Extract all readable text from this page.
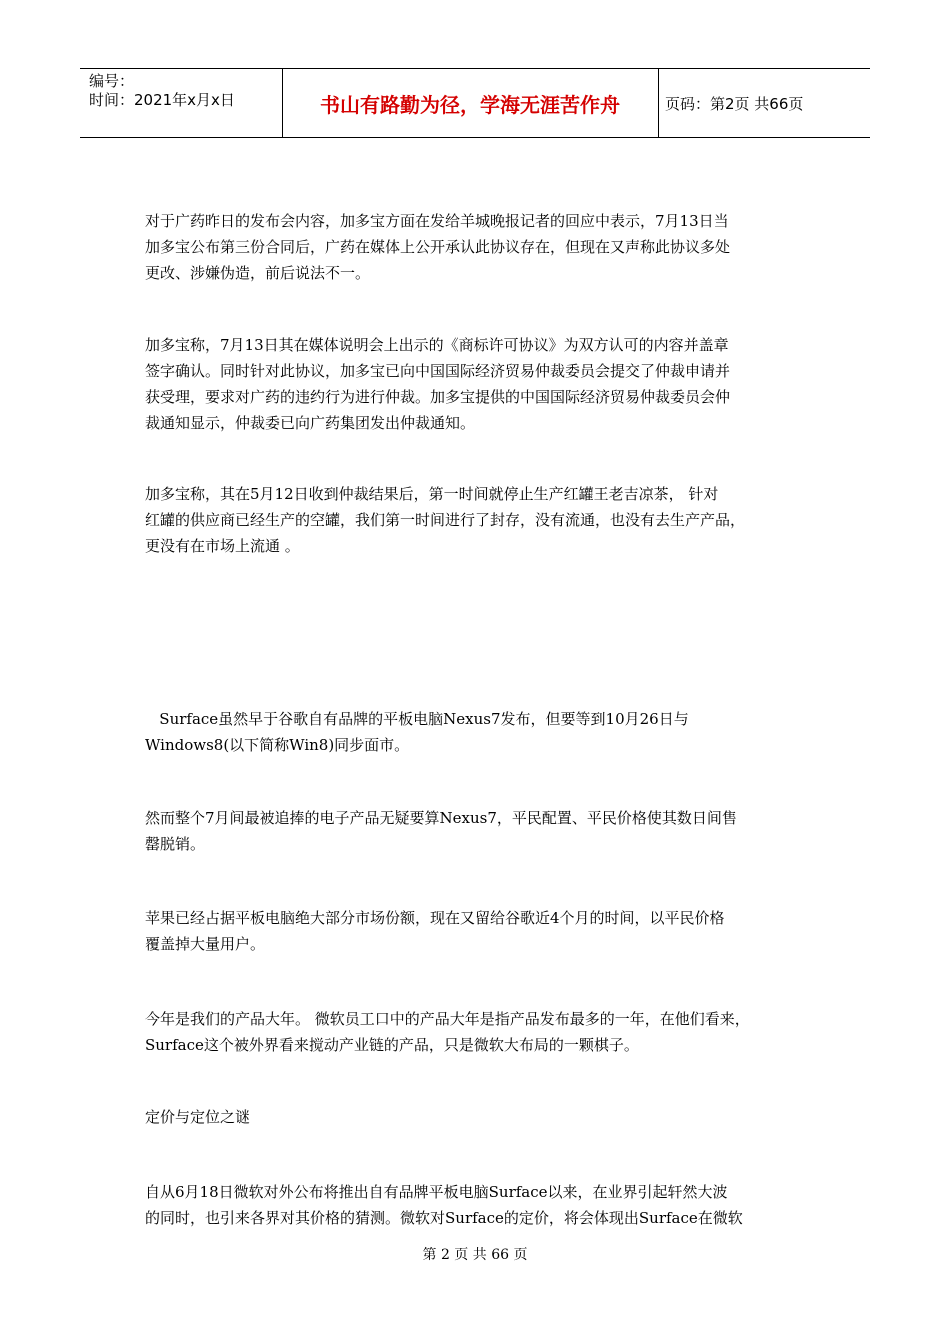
编号：
时间：2021年x月x日	书山有路勤为径，学海无涯苦作舟	页码：第2页 共66页
对于广药昨日的发布会内容，加多宝方面在发给羊城晚报记者的回应中表示，7月13日当
加多宝公布第三份合同后，广药在媒体上公开承认此协议存在，但现在又声称此协议多处
更改、涉嫌伪造，前后说法不一。
加多宝称，7月13日其在媒体说明会上出示的《商标许可协议》为双方认可的内容并盖章
签字确认。同时针对此协议，加多宝已向中国国际经济贸易仲裁委员会提交了仲裁申请并
获受理，要求对广药的违约行为进行仲裁。加多宝提供的中国国际经济贸易仲裁委员会仲
裁通知显示，仲裁委已向广药集团发出仲裁通知。
加多宝称，其在5月12日收到仲裁结果后，第一时间就停止生产红罐王老吉凉茶， 针对
红罐的供应商已经生产的空罐，我们第一时间进行了封存，没有流通，也没有去生产产品，
更没有在市场上流通 。
Surface虽然早于谷歌自有品牌的平板电脑Nexus7发布，但要等到10月26日与
Windows8(以下简称Win8)同步面市。
然而整个7月间最被追捧的电子产品无疑要算Nexus7，平民配置、平民价格使其数日间售
罄脱销。
苹果已经占据平板电脑绝大部分市场份额，现在又留给谷歌近4个月的时间，以平民价格
覆盖掉大量用户。
今年是我们的产品大年。 微软员工口中的产品大年是指产品发布最多的一年，在他们看来，
Surface这个被外界看来搅动产业链的产品，只是微软大布局的一颗棋子。
定价与定位之谜
自从6月18日微软对外公布将推出自有品牌平板电脑Surface以来，在业界引起轩然大波
的同时，也引来各界对其价格的猜测。微软对Surface的定价，将会体现出Surface在微软
第 2 页 共 66 页
